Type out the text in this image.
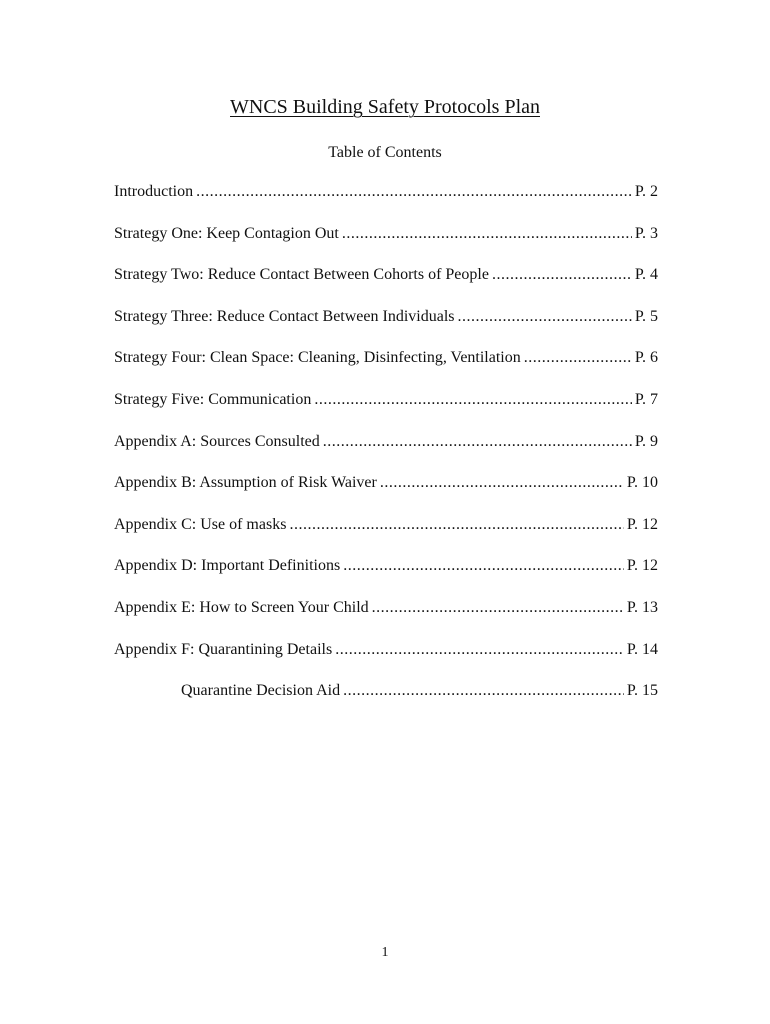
WNCS Building Safety Protocols Plan
Table of Contents
Introduction .....	P. 2
Strategy One: Keep Contagion Out .....	P. 3
Strategy Two: Reduce Contact Between Cohorts of People .....	P. 4
Strategy Three: Reduce Contact Between Individuals .....	P. 5
Strategy Four: Clean Space: Cleaning, Disinfecting, Ventilation .....	P. 6
Strategy Five: Communication .....	P. 7
Appendix A: Sources Consulted .....	P. 9
Appendix B: Assumption of Risk Waiver .....	P. 10
Appendix C: Use of masks .....	P. 12
Appendix D: Important Definitions .....	P. 12
Appendix E: How to Screen Your Child .....	P. 13
Appendix F: Quarantining Details .....	P. 14
Quarantine Decision Aid .....	P. 15
1
